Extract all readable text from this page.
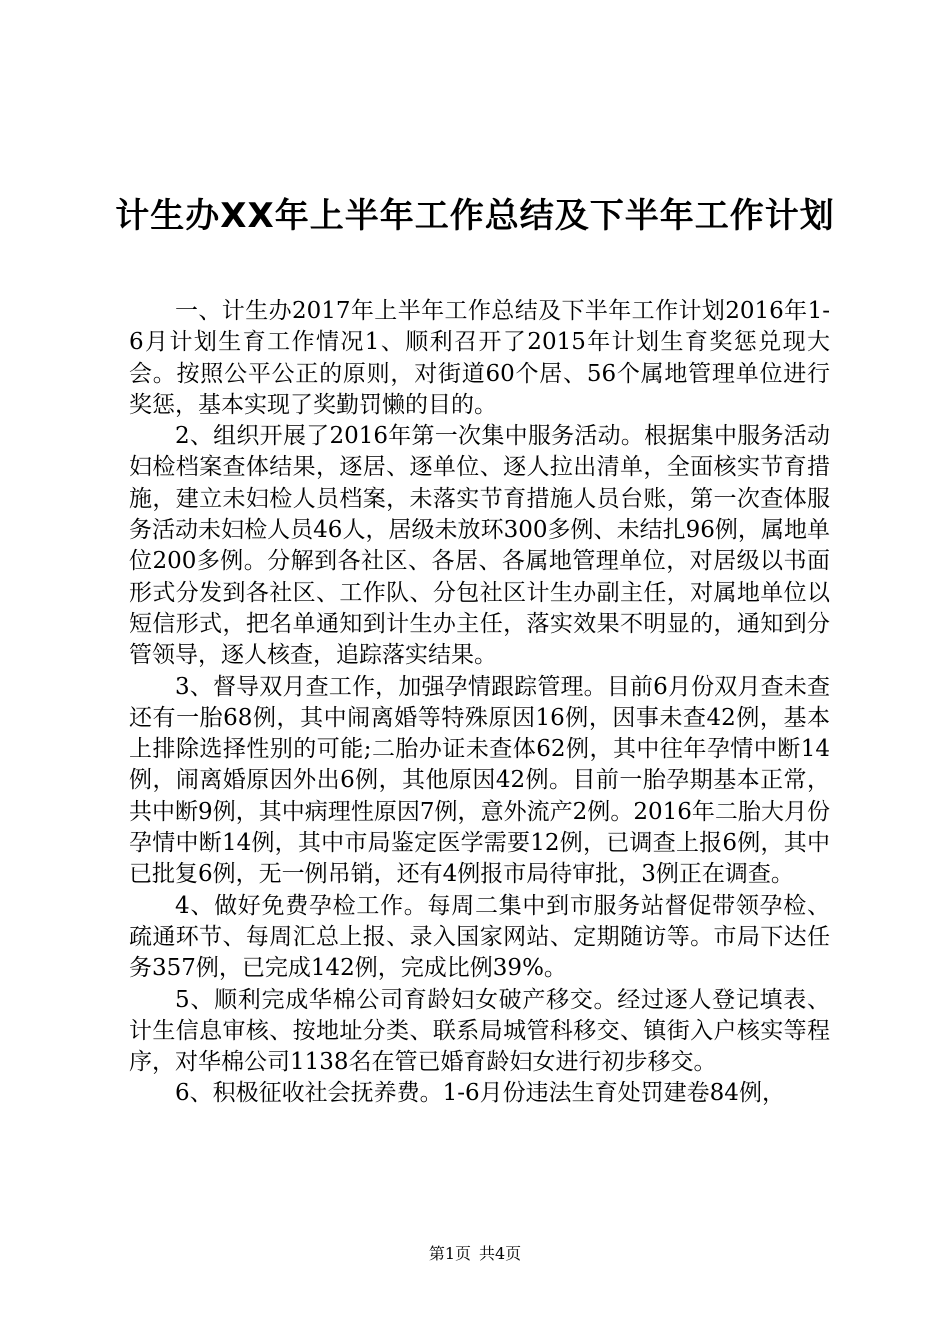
计生办XX年上半年工作总结及下半年工作计划

一、计生办2017年上半年工作总结及下半年工作计划2016年1-6月计划生育工作情况1、顺利召开了2015年计划生育奖惩兑现大会。按照公平公正的原则，对街道60个居、56个属地管理单位进行奖惩，基本实现了奖勤罚懒的目的。

2、组织开展了2016年第一次集中服务活动。根据集中服务活动妇检档案查体结果，逐居、逐单位、逐人拉出清单，全面核实节育措施，建立未妇检人员档案，未落实节育措施人员台账，第一次查体服务活动未妇检人员46人，居级未放环300多例、未结扎96例，属地单位200多例。分解到各社区、各居、各属地管理单位，对居级以书面形式分发到各社区、工作队、分包社区计生办副主任，对属地单位以短信形式，把名单通知到计生办主任，落实效果不明显的，通知到分管领导，逐人核查，追踪落实结果。

3、督导双月查工作，加强孕情跟踪管理。目前6月份双月查未查还有一胎68例，其中闹离婚等特殊原因16例，因事未查42例，基本上排除选择性别的可能;二胎办证未查体62例，其中往年孕情中断14例，闹离婚原因外出6例，其他原因42例。目前一胎孕期基本正常，共中断9例，其中病理性原因7例，意外流产2例。2016年二胎大月份孕情中断14例，其中市局鉴定医学需要12例，已调查上报6例，其中已批复6例，无一例吊销，还有4例报市局待审批，3例正在调查。

4、做好免费孕检工作。每周二集中到市服务站督促带领孕检、疏通环节、每周汇总上报、录入国家网站、定期随访等。市局下达任务357例，已完成142例，完成比例39%。

5、顺利完成华棉公司育龄妇女破产移交。经过逐人登记填表、计生信息审核、按地址分类、联系局城管科移交、镇街入户核实等程序，对华棉公司1138名在管已婚育龄妇女进行初步移交。

6、积极征收社会抚养费。1-6月份违法生育处罚建卷84例，

第1页 共4页
